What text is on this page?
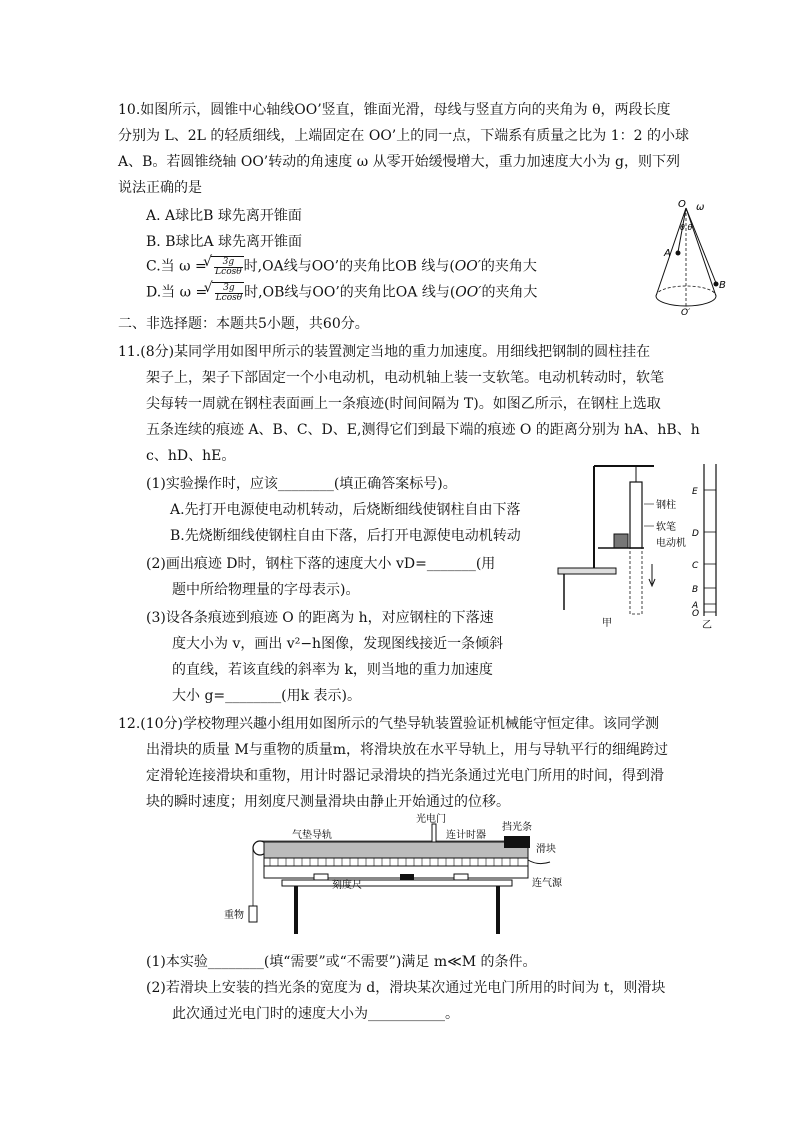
10.如图所示，圆锥中心轴线OO’竖直，锥面光滑，母线与竖直方向的夹角为 θ，两段长度
分别为 L、2L 的轻质细线，上端固定在 OO’上的同一点，下端系有质量之比为 1：2 的小球
A、B。若圆锥绕轴 OO’转动的角速度 ω 从零开始缓慢增大，重力加速度大小为 g，则下列
说法正确的是
A. A球比B 球先离开锥面
B. B球比A 球先离开锥面
C.当 ω = √ $\frac{3g}{Lcos\theta}$ 时,OA线与OO’的夹角比OB 线与(OO′的夹角大
D.当 ω = √ $\frac{3g}{Lcos\theta}$ 时,OB线与OO’的夹角比OA 线与(OO′的夹角大
O ω
θ θ
A
B
O′
二、非选择题：本题共5小题，共60分。
11.(8分)某同学用如图甲所示的装置测定当地的重力加速度。用细线把钢制的圆柱挂在
架子上，架子下部固定一个小电动机，电动机轴上装一支软笔。电动机转动时，软笔
尖每转一周就在钢柱表面画上一条痕迹(时间间隔为 T)。如图乙所示，在钢柱上选取
五条连续的痕迹 A、B、C、D、E,测得它们到最下端的痕迹 O 的距离分别为 hA、hB、h
c、hD、hE。
(1)实验操作时，应该________(填正确答案标号)。
A.先打开电源使电动机转动，后烧断细线使钢柱自由下落
B.先烧断细线使钢柱自由下落，后打开电源使电动机转动
(2)画出痕迹 D时，钢柱下落的速度大小 vD=_______(用
题中所给物理量的字母表示)。
(3)设各条痕迹到痕迹 O 的距离为 h，对应钢柱的下落速
度大小为 v，画出 v²−h图像，发现图线接近一条倾斜
的直线，若该直线的斜率为 k，则当地的重力加速度
大小 g=________(用k 表示)。
钢柱
软笔
电动机
甲
E
D
C
B
A
O
乙
12.(10分)学校物理兴趣小组用如图所示的气垫导轨装置验证机械能守恒定律。该同学测
出滑块的质量 M与重物的质量m，将滑块放在水平导轨上，用与导轨平行的细绳跨过
定滑轮连接滑块和重物，用计时器记录滑块的挡光条通过光电门所用的时间，得到滑
块的瞬时速度；用刻度尺测量滑块由静止开始通过的位移。
气垫导轨
光电门
连计时器
挡光条
滑块
刻度尺	连气源
重物
(1)本实验________(填“需要”或“不需要”)满足 m≪M 的条件。
(2)若滑块上安装的挡光条的宽度为 d，滑块某次通过光电门所用的时间为 t，则滑块
此次通过光电门时的速度大小为___________。
